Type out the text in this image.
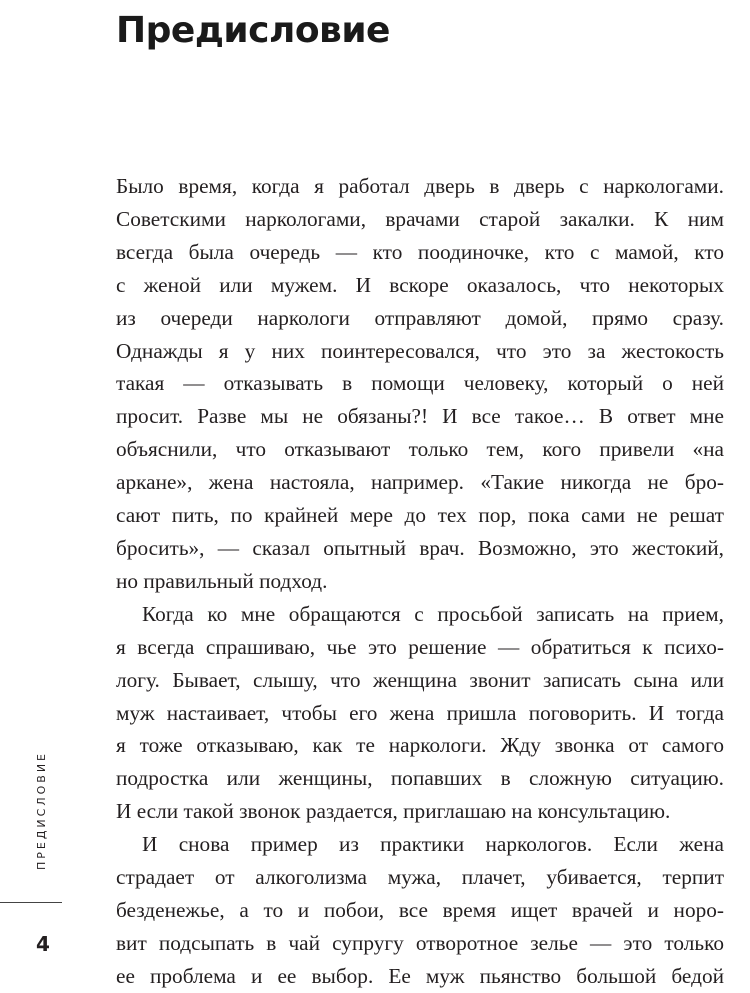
Предисловие
Было время, когда я работал дверь в дверь с наркологами.
Советскими наркологами, врачами старой закалки. К ним
всегда была очередь — кто поодиночке, кто с мамой, кто
с женой или мужем. И вскоре оказалось, что некоторых
из очереди наркологи отправляют домой, прямо сразу.
Однажды я у них поинтересовался, что это за жестокость
такая — отказывать в помощи человеку, который о ней
просит. Разве мы не обязаны?! И все такое… В ответ мне
объяснили, что отказывают только тем, кого привели «на
аркане», жена настояла, например. «Такие никогда не бро-
сают пить, по крайней мере до тех пор, пока сами не решат
бросить», — сказал опытный врач. Возможно, это жестокий,
но правильный подход.
Когда ко мне обращаются с просьбой записать на прием,
я всегда спрашиваю, чье это решение — обратиться к психо-
логу. Бывает, слышу, что женщина звонит записать сына или
муж настаивает, чтобы его жена пришла поговорить. И тогда
я тоже отказываю, как те наркологи. Жду звонка от самого
подростка или женщины, попавших в сложную ситуацию.
И если такой звонок раздается, приглашаю на консультацию.
И снова пример из практики наркологов. Если жена
страдает от алкоголизма мужа, плачет, убивается, терпит
безденежье, а то и побои, все время ищет врачей и норо-
вит подсыпать в чай супругу отворотное зелье — это только
ее проблема и ее выбор. Ее муж пьянство большой бедой
ПРЕДИСЛОВИЕ
4
